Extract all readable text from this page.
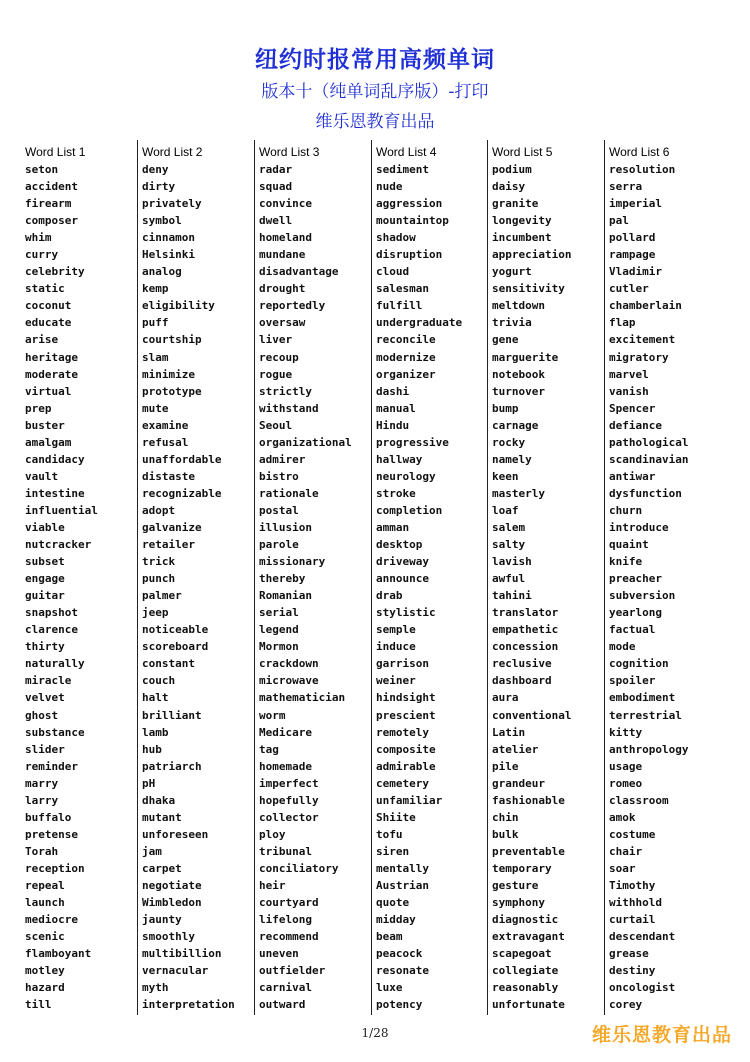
纽约时报常用高频单词
版本十（纯单词乱序版）-打印
维乐恩教育出品
Word List 1
seton
accident
firearm
composer
whim
curry
celebrity
static
coconut
educate
arise
heritage
moderate
virtual
prep
buster
amalgam
candidacy
vault
intestine
influential
viable
nutcracker
subset
engage
guitar
snapshot
clarence
thirty
naturally
miracle
velvet
ghost
substance
slider
reminder
marry
larry
buffalo
pretense
Torah
reception
repeal
launch
mediocre
scenic
flamboyant
motley
hazard
till
Word List 2
deny
dirty
privately
symbol
cinnamon
Helsinki
analog
kemp
eligibility
puff
courtship
slam
minimize
prototype
mute
examine
refusal
unaffordable
distaste
recognizable
adopt
galvanize
retailer
trick
punch
palmer
jeep
noticeable
scoreboard
constant
couch
halt
brilliant
lamb
hub
patriarch
pH
dhaka
mutant
unforeseen
jam
carpet
negotiate
Wimbledon
jaunty
smoothly
multibillion
vernacular
myth
interpretation
Word List 3
radar
squad
convince
dwell
homeland
mundane
disadvantage
drought
reportedly
oversaw
liver
recoup
rogue
strictly
withstand
Seoul
organizational
admirer
bistro
rationale
postal
illusion
parole
missionary
thereby
Romanian
serial
legend
Mormon
crackdown
microwave
mathematician
worm
Medicare
tag
homemade
imperfect
hopefully
collector
ploy
tribunal
conciliatory
heir
courtyard
lifelong
recommend
uneven
outfielder
carnival
outward
Word List 4
sediment
nude
aggression
mountaintop
shadow
disruption
cloud
salesman
fulfill
undergraduate
reconcile
modernize
organizer
dashi
manual
Hindu
progressive
hallway
neurology
stroke
completion
amman
desktop
driveway
announce
drab
stylistic
semple
induce
garrison
weiner
hindsight
prescient
remotely
composite
admirable
cemetery
unfamiliar
Shiite
tofu
siren
mentally
Austrian
quote
midday
beam
peacock
resonate
luxe
potency
Word List 5
podium
daisy
granite
longevity
incumbent
appreciation
yogurt
sensitivity
meltdown
trivia
gene
marguerite
notebook
turnover
bump
carnage
rocky
namely
keen
masterly
loaf
salem
salty
lavish
awful
tahini
translator
empathetic
concession
reclusive
dashboard
aura
conventional
Latin
atelier
pile
grandeur
fashionable
chin
bulk
preventable
temporary
gesture
symphony
diagnostic
extravagant
scapegoat
collegiate
reasonably
unfortunate
Word List 6
resolution
serra
imperial
pal
pollard
rampage
Vladimir
cutler
chamberlain
flap
excitement
migratory
marvel
vanish
Spencer
defiance
pathological
scandinavian
antiwar
dysfunction
churn
introduce
quaint
knife
preacher
subversion
yearlong
factual
mode
cognition
spoiler
embodiment
terrestrial
kitty
anthropology
usage
romeo
classroom
amok
costume
chair
soar
Timothy
withhold
curtail
descendant
grease
destiny
oncologist
corey
1/28	维乐恩教育出品
